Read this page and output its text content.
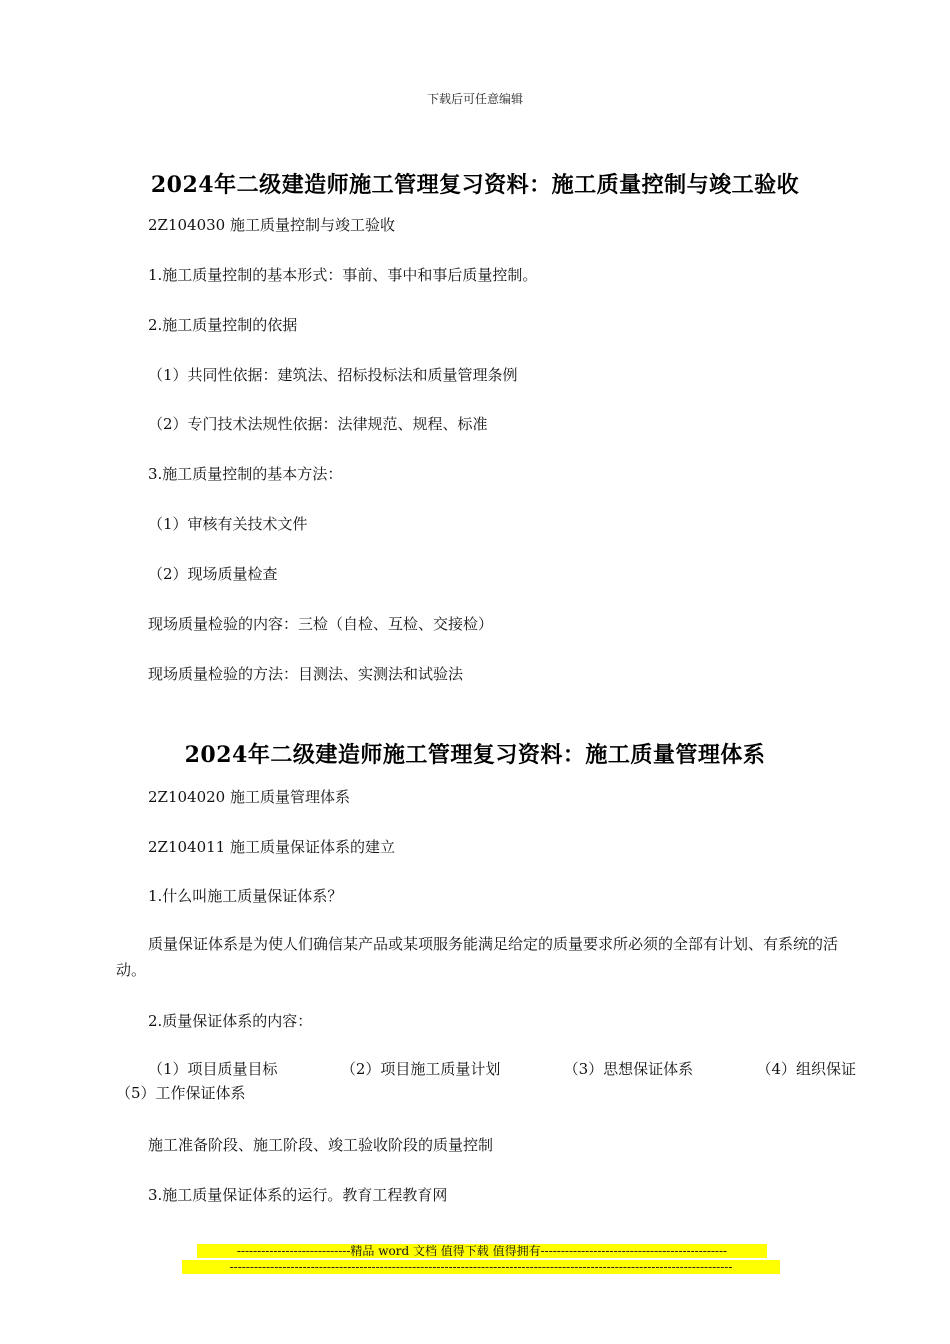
下载后可任意编辑
2024年二级建造师施工管理复习资料：施工质量控制与竣工验收
2Z104030 施工质量控制与竣工验收
1.施工质量控制的基本形式：事前、事中和事后质量控制。
2.施工质量控制的依据
（1）共同性依据：建筑法、招标投标法和质量管理条例
（2）专门技术法规性依据：法律规范、规程、标准
3.施工质量控制的基本方法：
（1）审核有关技术文件
（2）现场质量检查
现场质量检验的内容：三检（自检、互检、交接检）
现场质量检验的方法：目测法、实测法和试验法
2024年二级建造师施工管理复习资料：施工质量管理体系
2Z104020 施工质量管理体系
2Z104011 施工质量保证体系的建立
1.什么叫施工质量保证体系？
质量保证体系是为使人们确信某产品或某项服务能满足给定的质量要求所必须的全部有计划、有系统的活动。
2.质量保证体系的内容：
（1）项目质量目标	（2）项目施工质量计划	（3）思想保证体系	（4）组织保证
（5）工作保证体系
施工准备阶段、施工阶段、竣工验收阶段的质量控制
3.施工质量保证体系的运行。教育工程教育网
----------------------------精品 word 文档 值得下载 值得拥有----------------------------------------------
----------------------------------------------------------------------------------------------------------------------------
